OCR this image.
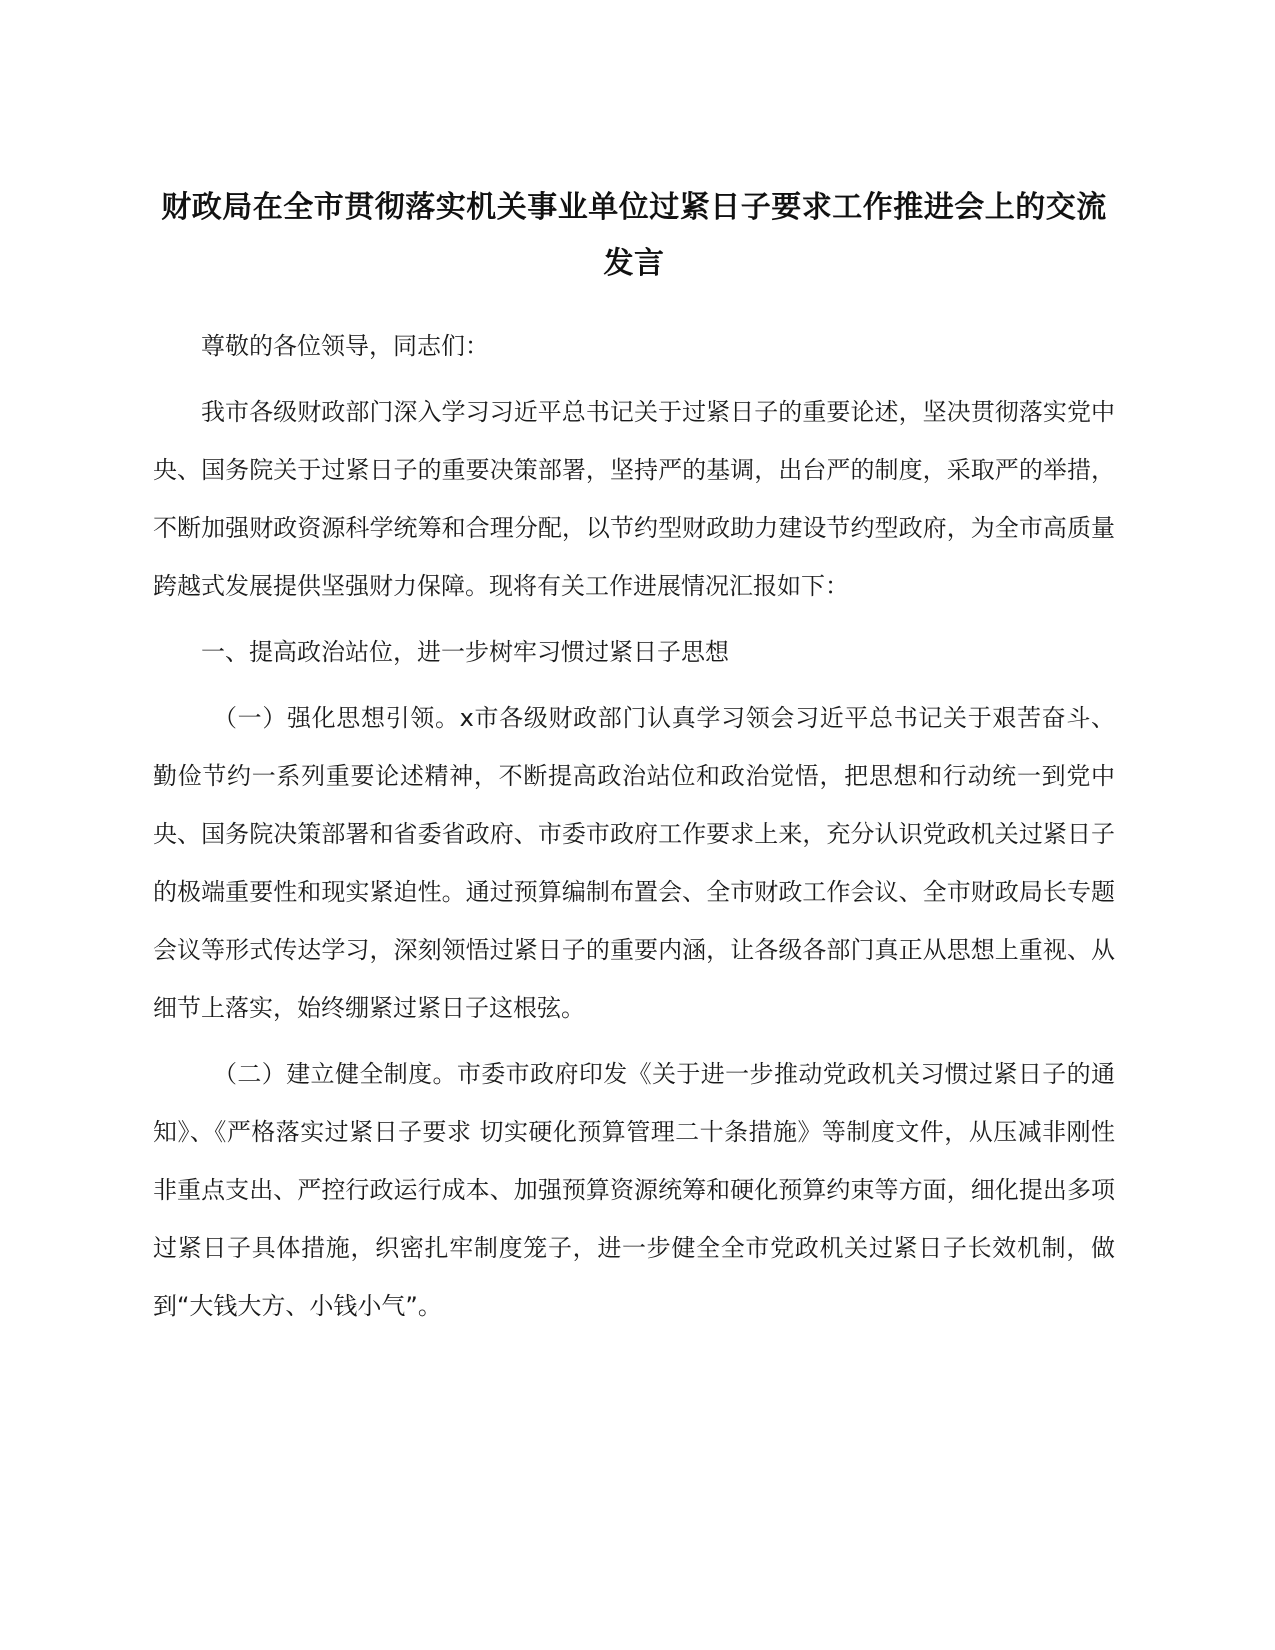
财政局在全市贯彻落实机关事业单位过紧日子要求工作推进会上的交流发言

尊敬的各位领导，同志们：

我市各级财政部门深入学习习近平总书记关于过紧日子的重要论述，坚决贯彻落实党中央、国务院关于过紧日子的重要决策部署，坚持严的基调，出台严的制度，采取严的举措，不断加强财政资源科学统筹和合理分配，以节约型财政助力建设节约型政府，为全市高质量跨越式发展提供坚强财力保障。现将有关工作进展情况汇报如下：

一、提高政治站位，进一步树牢习惯过紧日子思想

（一）强化思想引领。x市各级财政部门认真学习领会习近平总书记关于艰苦奋斗、勤俭节约一系列重要论述精神，不断提高政治站位和政治觉悟，把思想和行动统一到党中央、国务院决策部署和省委省政府、市委市政府工作要求上来，充分认识党政机关过紧日子的极端重要性和现实紧迫性。通过预算编制布置会、全市财政工作会议、全市财政局长专题会议等形式传达学习，深刻领悟过紧日子的重要内涵，让各级各部门真正从思想上重视、从细节上落实，始终绷紧过紧日子这根弦。

（二）建立健全制度。市委市政府印发《关于进一步推动党政机关习惯过紧日子的通知》、《严格落实过紧日子要求 切实硬化预算管理二十条措施》等制度文件，从压减非刚性非重点支出、严控行政运行成本、加强预算资源统筹和硬化预算约束等方面，细化提出多项过紧日子具体措施，织密扎牢制度笼子，进一步健全全市党政机关过紧日子长效机制，做到“大钱大方、小钱小气”。
